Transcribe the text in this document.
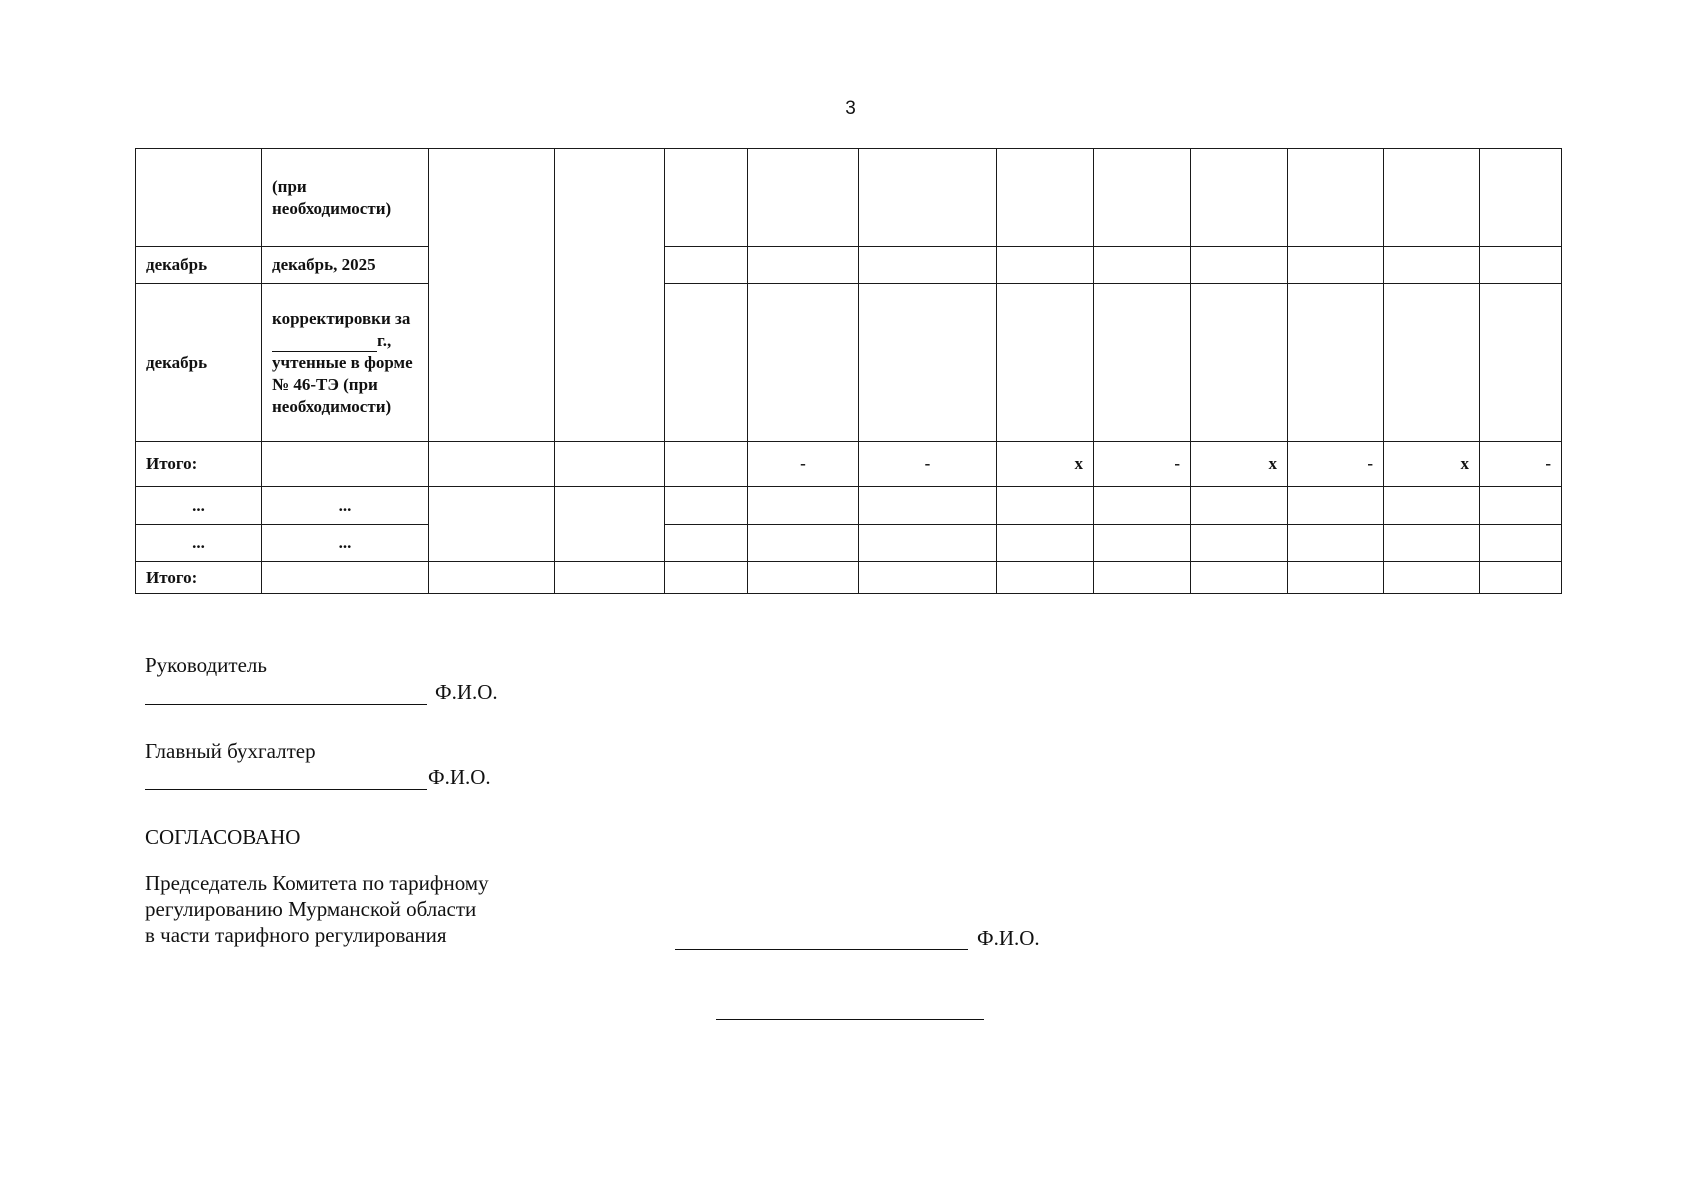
3
	(при необходимости)											
декабрь	декабрь, 2025											
декабрь	корректировки за
г.,
учтенные в форме № 46-ТЭ (при необходимости)											

Итого:					-	-	x	-	x	-	x	-
...	...											
...	...											
Итого:												
Руководитель
Ф.И.О.
Главный бухгалтер
Ф.И.О.
СОГЛАСОВАНО
Председатель Комитета по тарифному
регулированию Мурманской области
в части тарифного регулирования	Ф.И.О.
